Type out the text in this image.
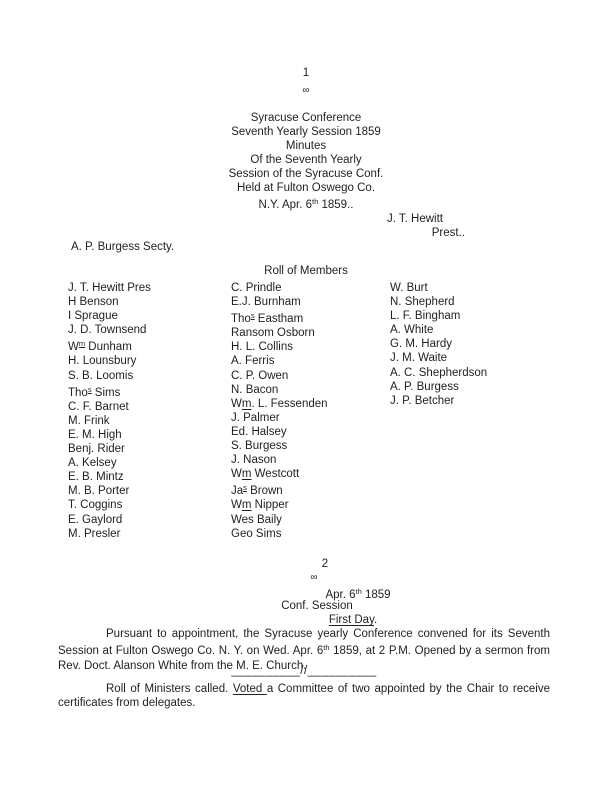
1
∞
Syracuse Conference
Seventh Yearly Session 1859
Minutes
Of the Seventh Yearly
Session of the Syracuse Conf.
Held at Fulton Oswego Co.
N.Y. Apr. 6th 1859..
J. T. Hewitt
Prest..
A. P. Burgess Secty.
Roll of Members
J. T. Hewitt Pres
H Benson
I Sprague
J. D. Townsend
$W^m$ Dunham
H. Lounsbury
S. B. Loomis
Tho$^s$ Sims
C. F. Barnet
M. Frink
E. M. High
Benj. Rider
A. Kelsey
E. B. Mintz
M. B. Porter
T. Coggins
E. Gaylord
M. Presler
C. Prindle
E.J. Burnham
Tho$^s$ Eastham
Ransom Osborn
H. L. Collins
A. Ferris
C. P. Owen
N. Bacon
Wm. L. Fessenden
J. Palmer
Ed. Halsey
S. Burgess
J. Nason
Wm Westcott
Ja$^s$ Brown
Wm Nipper
Wes Baily
Geo Sims
W. Burt
N. Shepherd
L. F. Bingham
A. White
G. M. Hardy
J. M. Waite
A. C. Shepherdson
A. P. Burgess
J. P. Betcher
2
∞
Apr. 6th 1859
Conf. Session
First Day.
Pursuant to appointment, the Syracuse yearly Conference convened for its Seventh Session at Fulton Oswego Co. N. Y. on Wed. Apr. 6th 1859, at 2 P.M. Opened by a sermon from Rev. Doct. Alanson White from the M. E. Church.
__________//__________
Roll of Ministers called. Voted a Committee of two appointed by the Chair to receive certificates from delegates.
